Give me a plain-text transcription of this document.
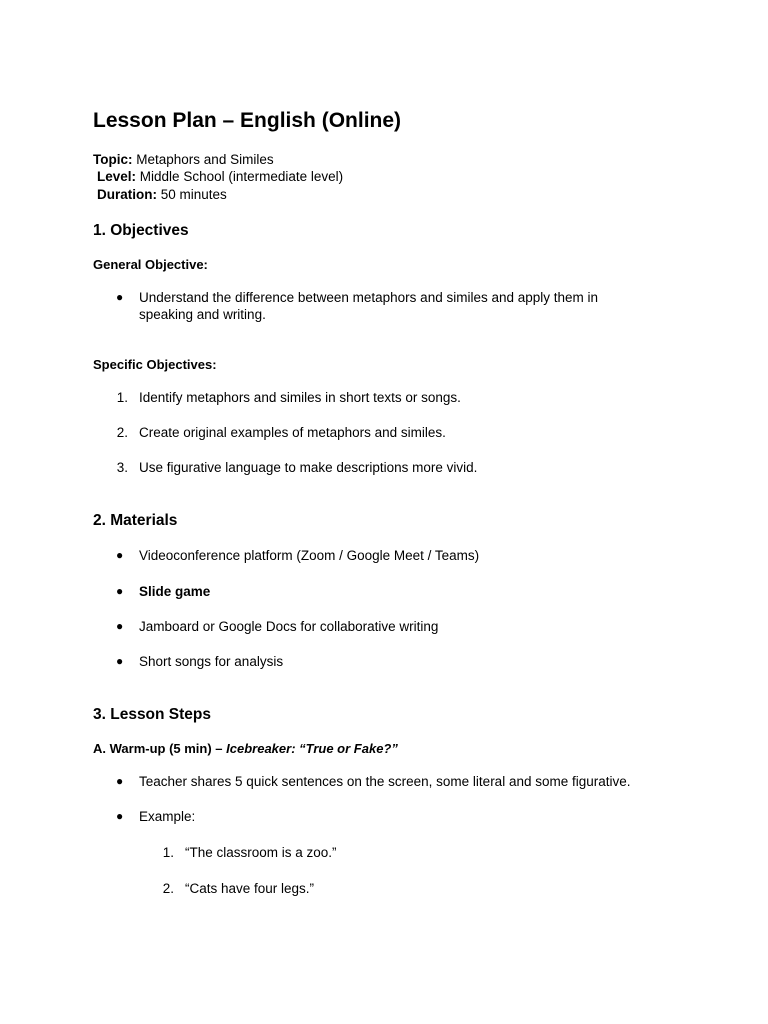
Lesson Plan – English (Online)
Topic: Metaphors and Similes
Level: Middle School (intermediate level)
Duration: 50 minutes
1. Objectives
General Objective:
● Understand the difference between metaphors and similes and apply them in speaking and writing.
Specific Objectives:
1. Identify metaphors and similes in short texts or songs.
2. Create original examples of metaphors and similes.
3. Use figurative language to make descriptions more vivid.
2. Materials
● Videoconference platform (Zoom / Google Meet / Teams)
● Slide game
● Jamboard or Google Docs for collaborative writing
● Short songs for analysis
3. Lesson Steps
A. Warm-up (5 min) – Icebreaker: “True or Fake?”
● Teacher shares 5 quick sentences on the screen, some literal and some figurative.
● Example:
1. “The classroom is a zoo.”
2. “Cats have four legs.”
